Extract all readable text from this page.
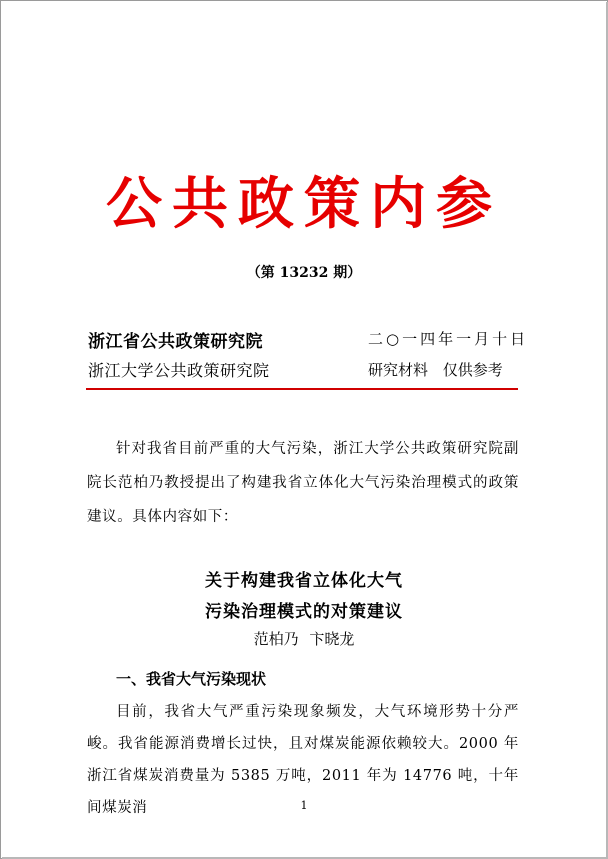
公共政策内参
（第 13232 期）
浙江省公共政策研究院	二○一四年一月十日
浙江大学公共政策研究院	研究材料 仅供参考
针对我省目前严重的大气污染，浙江大学公共政策研究院副院长范柏乃教授提出了构建我省立体化大气污染治理模式的政策建议。具体内容如下：
关于构建我省立体化大气
污染治理模式的对策建议
范柏乃 卞晓龙
一、我省大气污染现状
目前，我省大气严重污染现象频发，大气环境形势十分严峻。我省能源消费增长过快，且对煤炭能源依赖较大。2000 年浙江省煤炭消费量为 5385 万吨，2011 年为 14776 吨，十年间煤炭消	1
